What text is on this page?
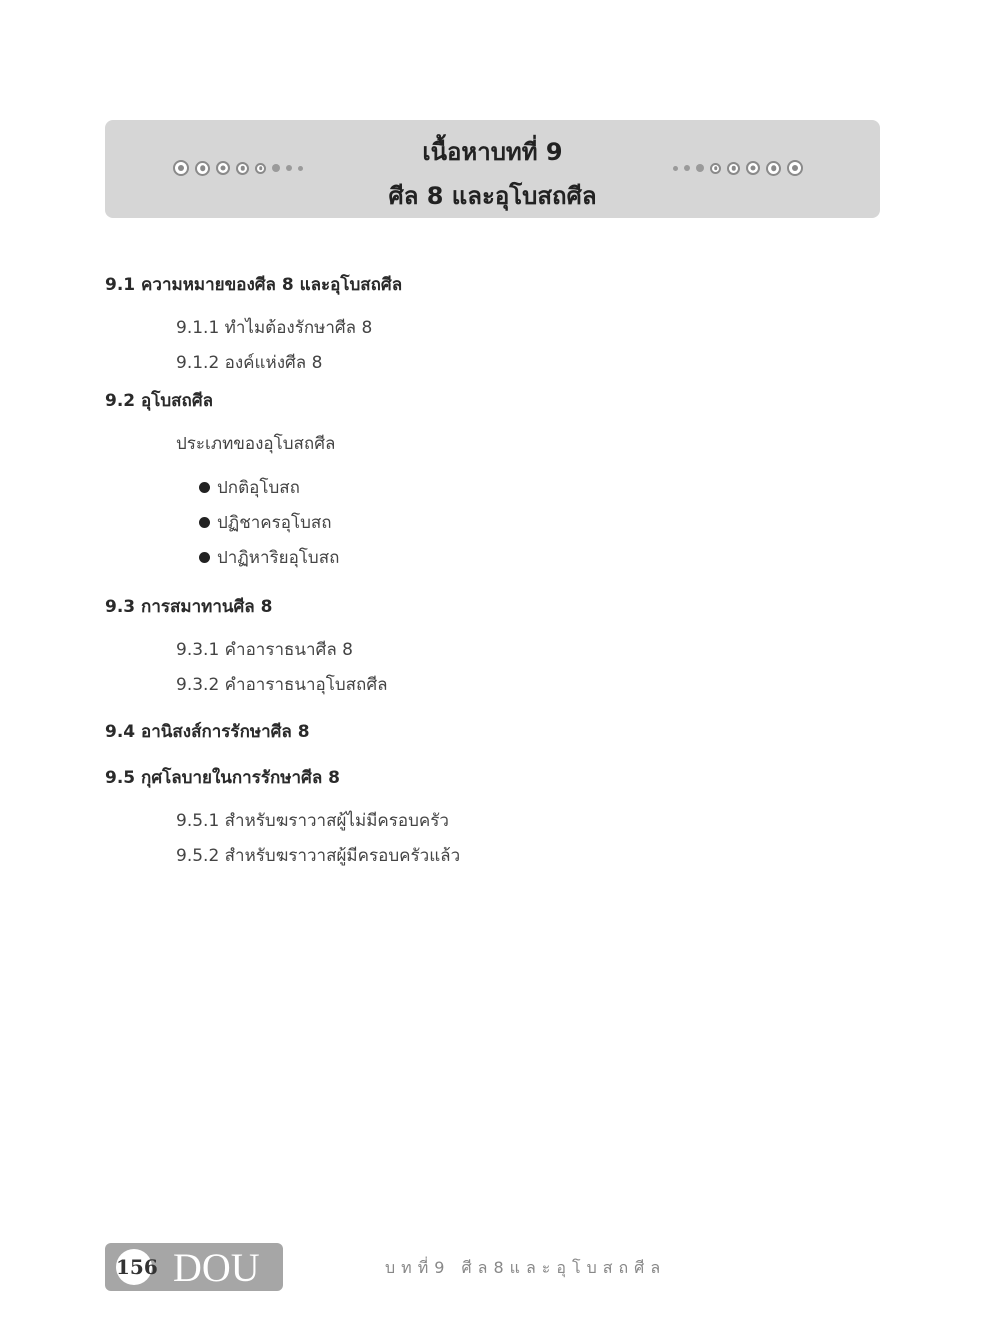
เนื้อหาบทที่ 9
ศีล 8 และอุโบสถศีล
9.1 ความหมายของศีล 8 และอุโบสถศีล
9.1.1 ทำไมต้องรักษาศีล 8
9.1.2 องค์แห่งศีล 8
9.2 อุโบสถศีล
ประเภทของอุโบสถศีล
ปกติอุโบสถ
ปฏิชาครอุโบสถ
ปาฏิหาริยอุโบสถ
9.3 การสมาทานศีล 8
9.3.1 คำอาราธนาศีล 8
9.3.2 คำอาราธนาอุโบสถศีล
9.4 อานิสงส์การรักษาศีล 8
9.5 กุศโลบายในการรักษาศีล 8
9.5.1 สำหรับฆราวาสผู้ไม่มีครอบครัว
9.5.2 สำหรับฆราวาสผู้มีครอบครัวแล้ว
156 DOU	บทที่9 ศีล8และอุโบสถศีล
